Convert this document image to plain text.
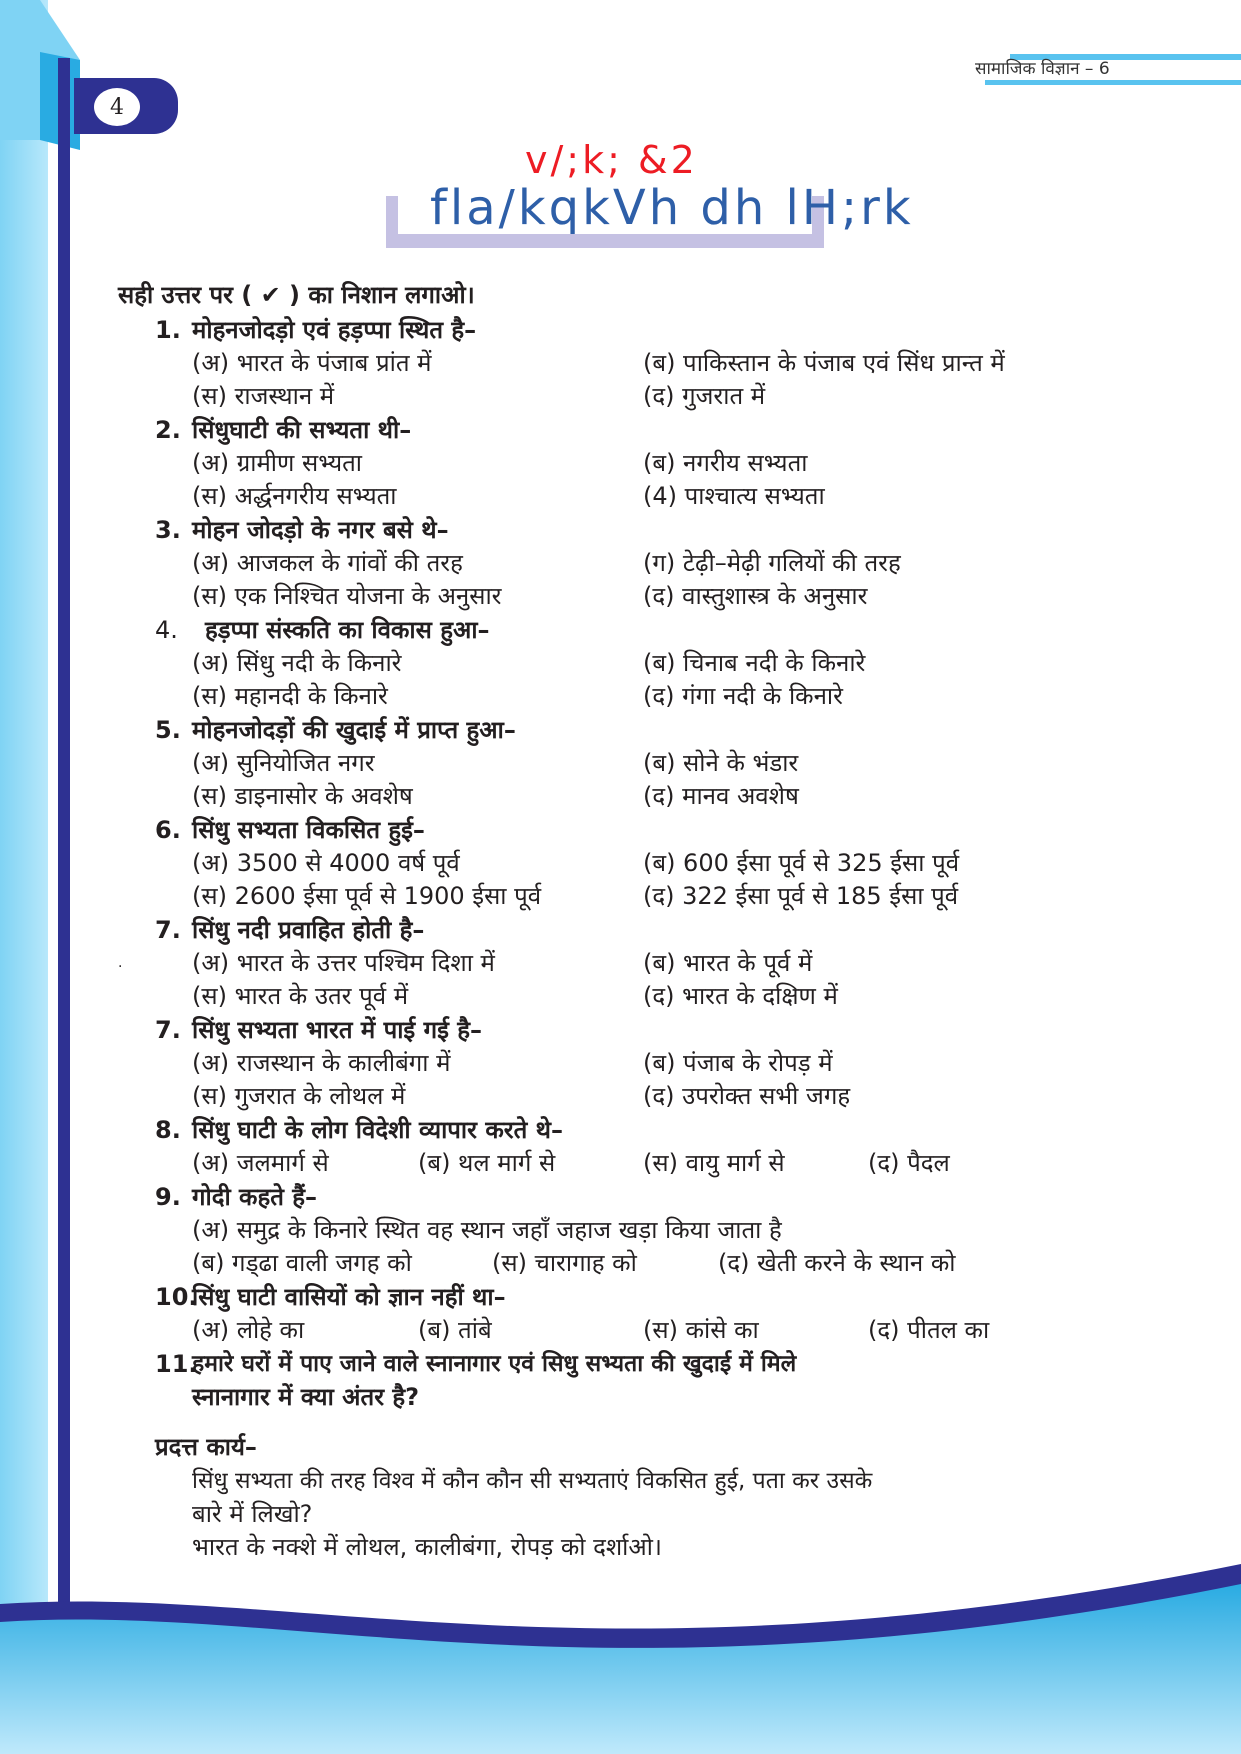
4
सामाजिक विज्ञान – 6
v/;k; &2
fla/kqkVh dh lH;rk
सही उत्तर पर ( ✔ ) का निशान लगाओ।
1. मोहनजोदड़ो एवं हड़प्पा स्थित है–
(अ) भारत के पंजाब प्रांत में	(ब) पाकिस्तान के पंजाब एवं सिंध प्रान्त में
(स) राजस्थान में	(द) गुजरात में
2. सिंधुघाटी की सभ्यता थी–
(अ) ग्रामीण सभ्यता	(ब) नगरीय सभ्यता
(स) अर्द्धनगरीय सभ्यता	(4) पाश्चात्य सभ्यता
3. मोहन जोदड़ो के नगर बसे थे–
(अ) आजकल के गांवों की तरह	(ग) टेढ़ी–मेढ़ी गलियों की तरह
(स) एक निश्चित योजना के अनुसार	(द) वास्तुशास्त्र के अनुसार
4. हड़प्पा संस्कति का विकास हुआ–
(अ) सिंधु नदी के किनारे	(ब) चिनाब नदी के किनारे
(स) महानदी के किनारे	(द) गंगा नदी के किनारे
5. मोहनजोदड़ों की खुदाई में प्राप्त हुआ–
(अ) सुनियोजित नगर	(ब) सोने के भंडार
(स) डाइनासोर के अवशेष	(द) मानव अवशेष
6. सिंधु सभ्यता विकसित हुई–
(अ) 3500 से 4000 वर्ष पूर्व	(ब) 600 ईसा पूर्व से 325 ईसा पूर्व
(स) 2600 ईसा पूर्व से 1900 ईसा पूर्व	(द) 322 ईसा पूर्व से 185 ईसा पूर्व
7. सिंधु नदी प्रवाहित होती है–
.	(अ) भारत के उत्तर पश्चिम दिशा में	(ब) भारत के पूर्व में
(स) भारत के उतर पूर्व में	(द) भारत के दक्षिण में
7. सिंधु सभ्यता भारत में पाई गई है–
(अ) राजस्थान के कालीबंगा में	(ब) पंजाब के रोपड़ में
(स) गुजरात के लोथल में	(द) उपरोक्त सभी जगह
8. सिंधु घाटी के लोग विदेशी व्यापार करते थे–
(अ) जलमार्ग से	(ब) थल मार्ग से	(स) वायु मार्ग से	(द) पैदल
9. गोदी कहते हैं–
(अ) समुद्र के किनारे स्थित वह स्थान जहाँ जहाज खड़ा किया जाता है
(ब) गड्‌ढा वाली जगह को	(स) चारागाह को	(द) खेती करने के स्थान को
10.
सिंधु घाटी वासियों को ज्ञान नहीं था–
(अ) लोहे का	(ब) तांबे	(स) कांसे का	(द) पीतल का
11.
हमारे घरों में पाए जाने वाले स्नानागार एवं सिधु सभ्यता की खुदाई में मिले
स्नानागार में क्या अंतर है?
प्रदत्त कार्य–
सिंधु सभ्यता की तरह विश्व में कौन कौन सी सभ्यताएं विकसित हुई, पता कर उसके
बारे में लिखो?
भारत के नक्शे में लोथल, कालीबंगा, रोपड़ को दर्शाओ।
